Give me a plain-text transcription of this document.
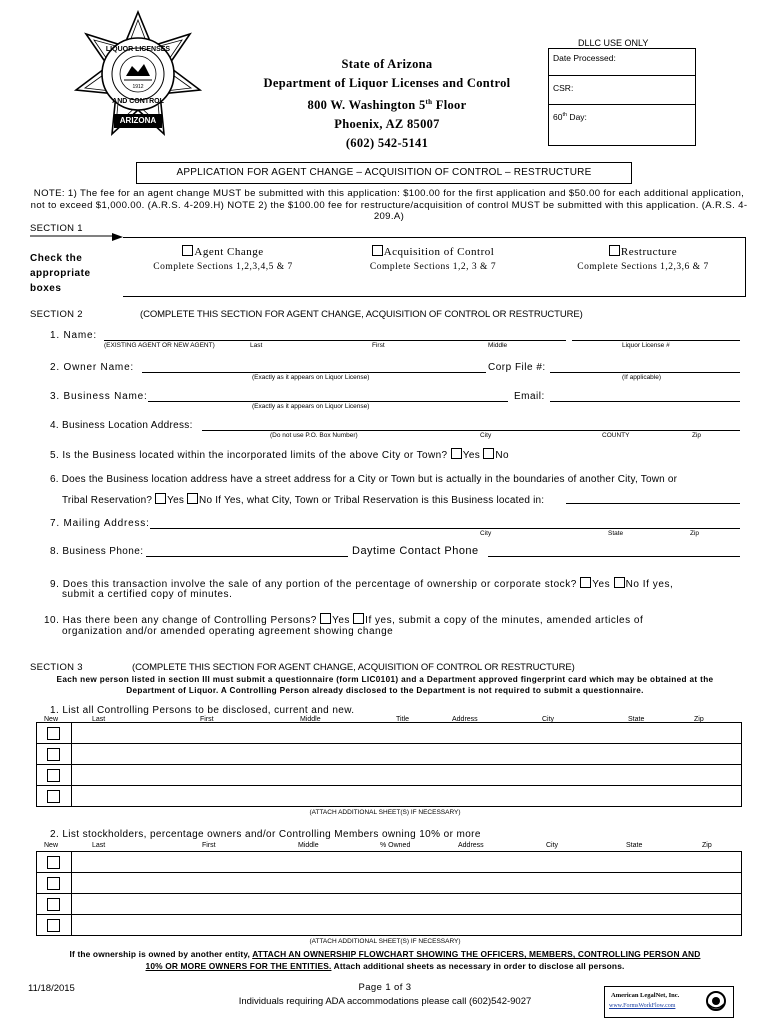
LIQUOR LICENSES
AND CONTROL
ARIZONA
1912
State of Arizona
Department of Liquor Licenses and Control
800 W. Washington 5th Floor
Phoenix, AZ 85007
(602) 542-5141
DLLC USE ONLY
Date Processed:
CSR:
60th Day:
APPLICATION FOR AGENT CHANGE – ACQUISITION OF CONTROL – RESTRUCTURE
NOTE: 1) The fee for an agent change MUST be submitted with this application: $100.00 for the first application and $50.00 for each additional application, not to exceed $1,000.00. (A.R.S. 4-209.H) NOTE 2) the $100.00 fee for restructure/acquisition of control MUST be submitted with this application. (A.R.S. 4-209.A)
SECTION 1
Check the appropriate boxes
Agent Change
Complete Sections 1,2,3,4,5 & 7
Acquisition of Control
Complete Sections 1,2, 3 & 7
Restructure
Complete Sections 1,2,3,6 & 7
SECTION 2	(COMPLETE THIS SECTION FOR AGENT CHANGE, ACQUISITION OF CONTROL OR RESTRUCTURE)
1. Name:
(EXISTING AGENT OR NEW AGENT)	Last	First	Middle	Liquor License #
2. Owner Name:	Corp File #:
(Exactly as it appears on Liquor License)	(If applicable)
3. Business Name:	Email:
(Exactly as it appears on Liquor License)
4. Business Location Address:
(Do not use P.O. Box Number)	City	COUNTY	Zip
5. Is the Business located within the incorporated limits of the above City or Town? Yes No
6. Does the Business location address have a street address for a City or Town but is actually in the boundaries of another City, Town or
Tribal Reservation? Yes No If Yes, what City, Town or Tribal Reservation is this Business located in:
7. Mailing Address:
City	State	Zip
8. Business Phone:	Daytime Contact Phone
9. Does this transaction involve the sale of any portion of the percentage of ownership or corporate stock? Yes No If yes,
submit a certified copy of minutes.
10. Has there been any change of Controlling Persons? Yes If yes, submit a copy of the minutes, amended articles of
organization and/or amended operating agreement showing change
SECTION 3	(COMPLETE THIS SECTION FOR AGENT CHANGE, ACQUISITION OF CONTROL OR RESTRUCTURE)
Each new person listed in section III must submit a questionnaire (form LIC0101) and a Department approved fingerprint card which may be obtained at the Department of Liquor. A Controlling Person already disclosed to the Department is not required to submit a questionnaire.
1. List all Controlling Persons to be disclosed, current and new.
New	Last	First	Middle	Title	Address	City	State	Zip

(ATTACH ADDITIONAL SHEET(S) IF NECESSARY)
2. List stockholders, percentage owners and/or Controlling Members owning 10% or more
New	Last	First	Middle	% Owned	Address	City	State	Zip

(ATTACH ADDITIONAL SHEET(S) IF NECESSARY)
If the ownership is owned by another entity, ATTACH AN OWNERSHIP FLOWCHART SHOWING THE OFFICERS, MEMBERS, CONTROLLING PERSON AND
10% OR MORE OWNERS FOR THE ENTITIES. Attach additional sheets as necessary in order to disclose all persons.
11/18/2015	Page 1 of 3
Individuals requiring ADA accommodations please call (602)542-9027
American LegalNet, Inc.
www.FormsWorkFlow.com
